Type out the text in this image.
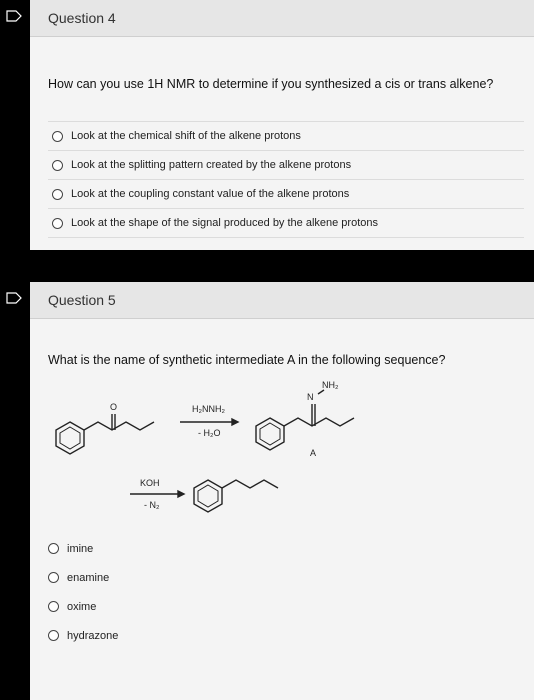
Question 4
How can you use 1H NMR to determine if you synthesized a cis or trans alkene?
Look at the chemical shift of the alkene protons
Look at the splitting pattern created by the alkene protons
Look at the coupling constant value of the alkene protons
Look at the shape of the signal produced by the alkene protons
Question 5
What is the name of synthetic intermediate A in the following sequence?
O	H₂NNH₂
- H₂O
N
NH₂
A
KOH
- N₂
imine
enamine
oxime
hydrazone
